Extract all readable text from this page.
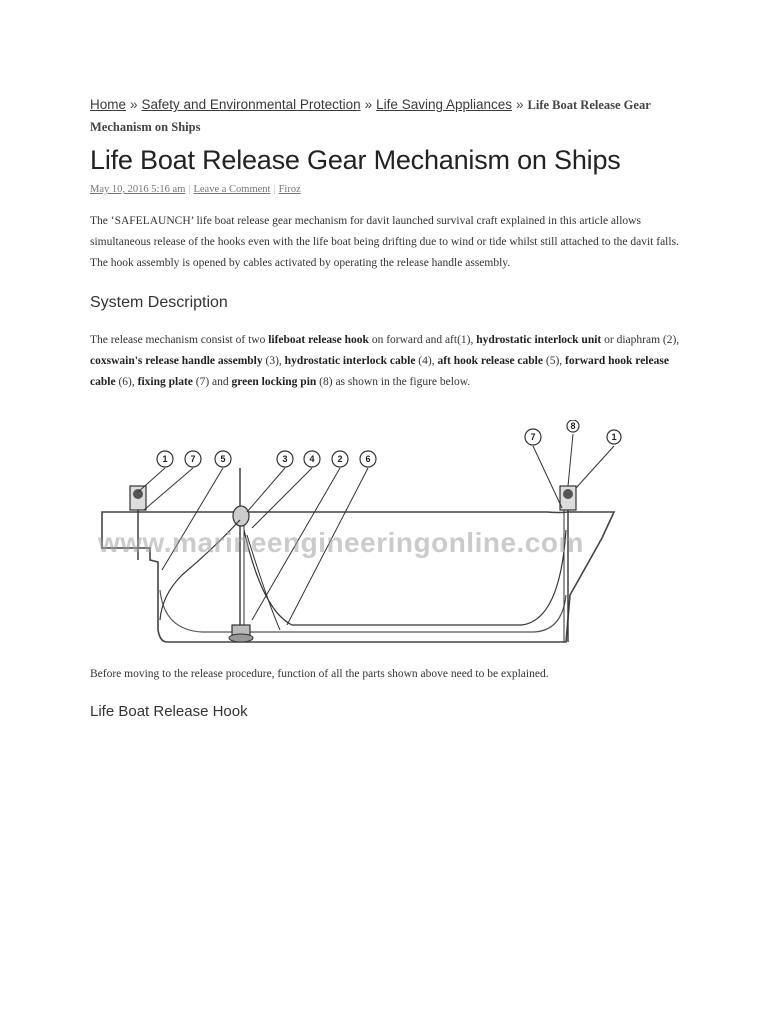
Home » Safety and Environmental Protection » Life Saving Appliances » Life Boat Release Gear Mechanism on Ships
Life Boat Release Gear Mechanism on Ships
May 10, 2016 5:16 am | Leave a Comment | Firoz

The ‘SAFELAUNCH’ life boat release gear mechanism for davit launched survival craft explained in this article allows simultaneous release of the hooks even with the life boat being drifting due to wind or tide whilst still attached to the davit falls. The hook assembly is opened by cables activated by operating the release handle assembly.

System Description

The release mechanism consist of two lifeboat release hook on forward and aft(1), hydrostatic interlock unit or diaphram (2), coxswain's release handle assembly (3), hydrostatic interlock cable (4), aft hook release cable (5), forward hook release cable (6), fixing plate (7) and green locking pin (8) as shown in the figure below.

1	7	5	3 4	2	6
7
8
1
www.marineengineeringonline.com

Before moving to the release procedure, function of all the parts shown above need to be explained.

Life Boat Release Hook
